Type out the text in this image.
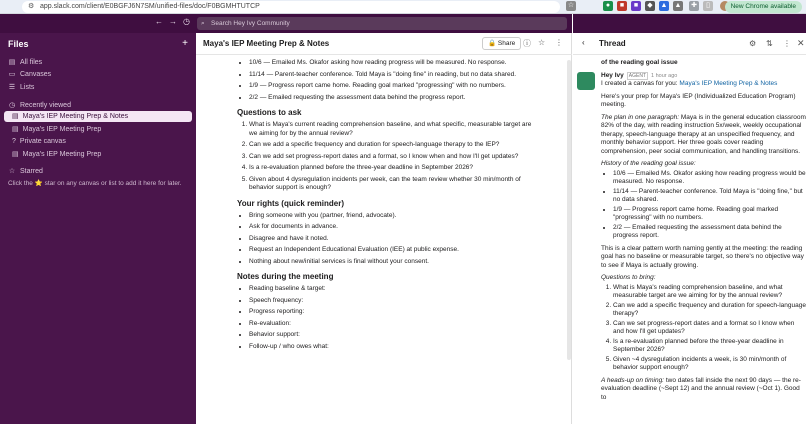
⚙ app.slack.com/client/E0BGFJ6N7SM/unified-files/doc/F0BGMHTUTCP	☆	●	■	■	◆	▲ ▲ ✚	▯	New Chrome available
← → ◷ ⌕ Search Hey Ivy Community
Files	+
▤ All files
▭ Canvases
☰ Lists
◷ Recently viewed
▤ Maya's IEP Meeting Prep & Notes
▤ Maya's IEP Meeting Prep
? Private canvas
▤ Maya's IEP Meeting Prep
☆ Starred
Click the ⭐ star on any canvas or list to add it here for later.
Maya's IEP Meeting Prep & Notes	🔒 Share ⓘ ☆ ⋮
• 10/6 — Emailed Ms. Okafor asking how reading progress will be measured. No response.
• 11/14 — Parent-teacher conference. Told Maya is "doing fine" in reading, but no data shared.
• 1/9 — Progress report came home. Reading goal marked "progressing" with no numbers.
• 2/2 — Emailed requesting the assessment data behind the progress report.
Questions to ask
1. What is Maya's current reading comprehension baseline, and what specific, measurable target are we aiming for by the annual review?
2. Can we add a specific frequency and duration for speech-language therapy to the IEP?
3. Can we add set progress-report dates and a format, so I know when and how I'll get updates?
4. Is a re-evaluation planned before the three-year deadline in September 2026?
5. Given about 4 dysregulation incidents per week, can the team review whether 30 min/month of behavior support is enough?
Your rights (quick reminder)
• Bring someone with you (partner, friend, advocate).
• Ask for documents in advance.
• Disagree and have it noted.
• Request an Independent Educational Evaluation (IEE) at public expense.
• Nothing about new/initial services is final without your consent.
Notes during the meeting
• Reading baseline & target:
• Speech frequency:
• Progress reporting:
• Re-evaluation:
• Behavior support:
• Follow-up / who owes what:
‹ Thread	⚙ ⇅ ⋮ ✕

of the reading goal issue

Hey Ivy AGENT 1 hour ago

I created a canvas for you: Maya's IEP Meeting Prep & Notes

Here's your prep for Maya's IEP (Individualized Education Program) meeting.

The plan in one paragraph: Maya is in the general education classroom 82% of the day, with reading instruction 5x/week, weekly occupational therapy, speech-language therapy at an unspecified frequency, and monthly behavior support. Her three goals cover reading comprehension, peer social communication, and handling transitions.

History of the reading goal issue:

• 10/6 — Emailed Ms. Okafor asking how reading progress would be measured. No response.
• 11/14 — Parent-teacher conference. Told Maya is "doing fine," but no data shared.
• 1/9 — Progress report came home. Reading goal marked "progressing" with no numbers.
• 2/2 — Emailed requesting the assessment data behind the progress report.

This is a clear pattern worth naming gently at the meeting: the reading goal has no baseline or measurable target, so there's no objective way to see if Maya is actually growing.

Questions to bring:

1. What is Maya's reading comprehension baseline, and what measurable target are we aiming for by the annual review?
2. Can we add a specific frequency and duration for speech-language therapy?
3. Can we set progress-report dates and a format so I know when and how I'll get updates?
4. Is a re-evaluation planned before the three-year deadline in September 2026?
5. Given ~4 dysregulation incidents a week, is 30 min/month of behavior support enough?

A heads-up on timing: two dates fall inside the next 90 days — the re-evaluation deadline (~Sept 12) and the annual review (~Oct 1). Good to
